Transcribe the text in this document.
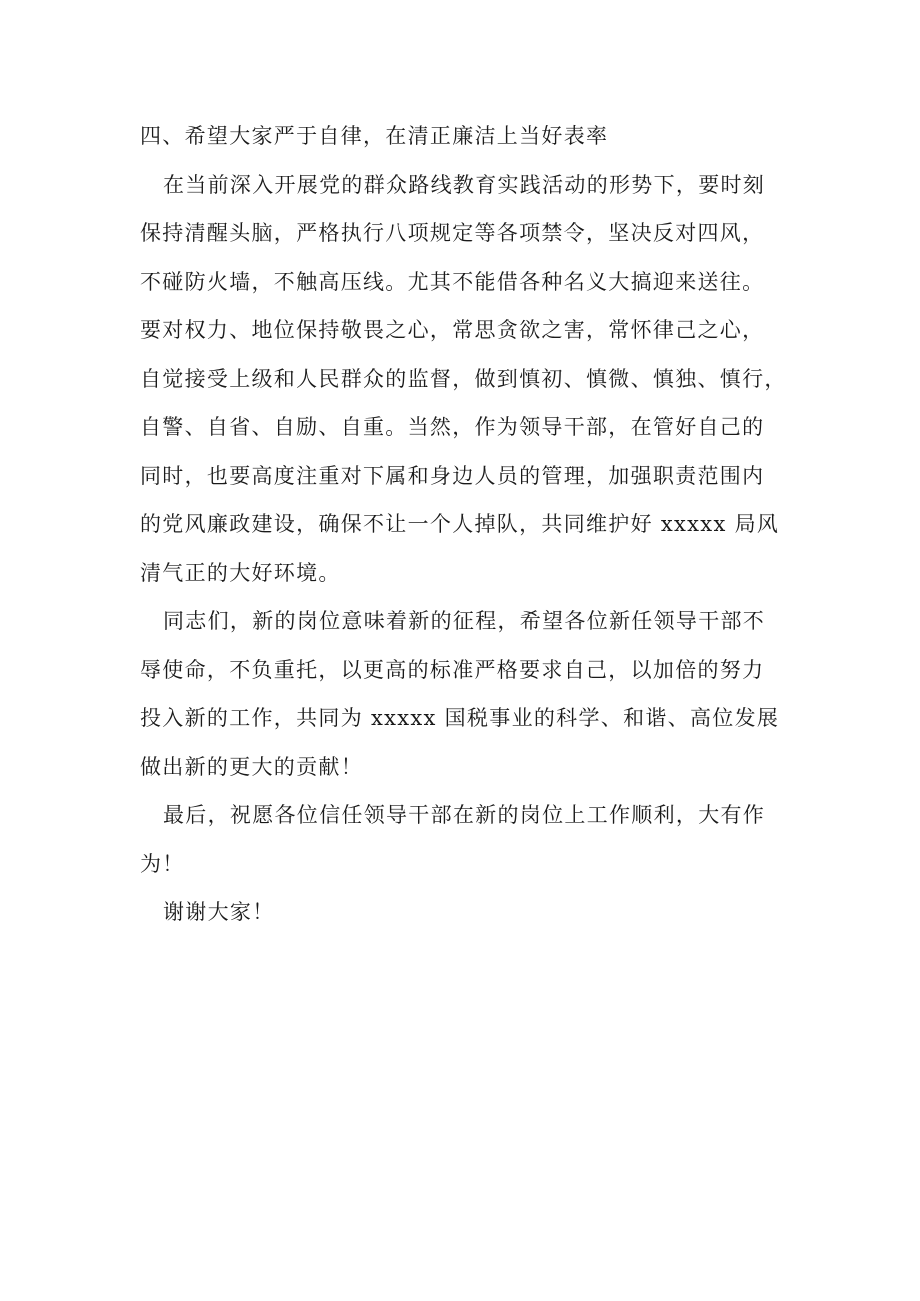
四、希望大家严于自律，在清正廉洁上当好表率
在当前深入开展党的群众路线教育实践活动的形势下，要时刻
保持清醒头脑，严格执行八项规定等各项禁令，坚决反对四风，
不碰防火墙，不触高压线。尤其不能借各种名义大搞迎来送往。
要对权力、地位保持敬畏之心，常思贪欲之害，常怀律己之心，
自觉接受上级和人民群众的监督，做到慎初、慎微、慎独、慎行，
自警、自省、自励、自重。当然，作为领导干部，在管好自己的
同时，也要高度注重对下属和身边人员的管理，加强职责范围内
的党风廉政建设，确保不让一个人掉队，共同维护好 xxxxx 局风
清气正的大好环境。
同志们，新的岗位意味着新的征程，希望各位新任领导干部不
辱使命，不负重托，以更高的标准严格要求自己，以加倍的努力
投入新的工作，共同为 xxxxx 国税事业的科学、和谐、高位发展
做出新的更大的贡献！
最后，祝愿各位信任领导干部在新的岗位上工作顺利，大有作
为！
谢谢大家！
